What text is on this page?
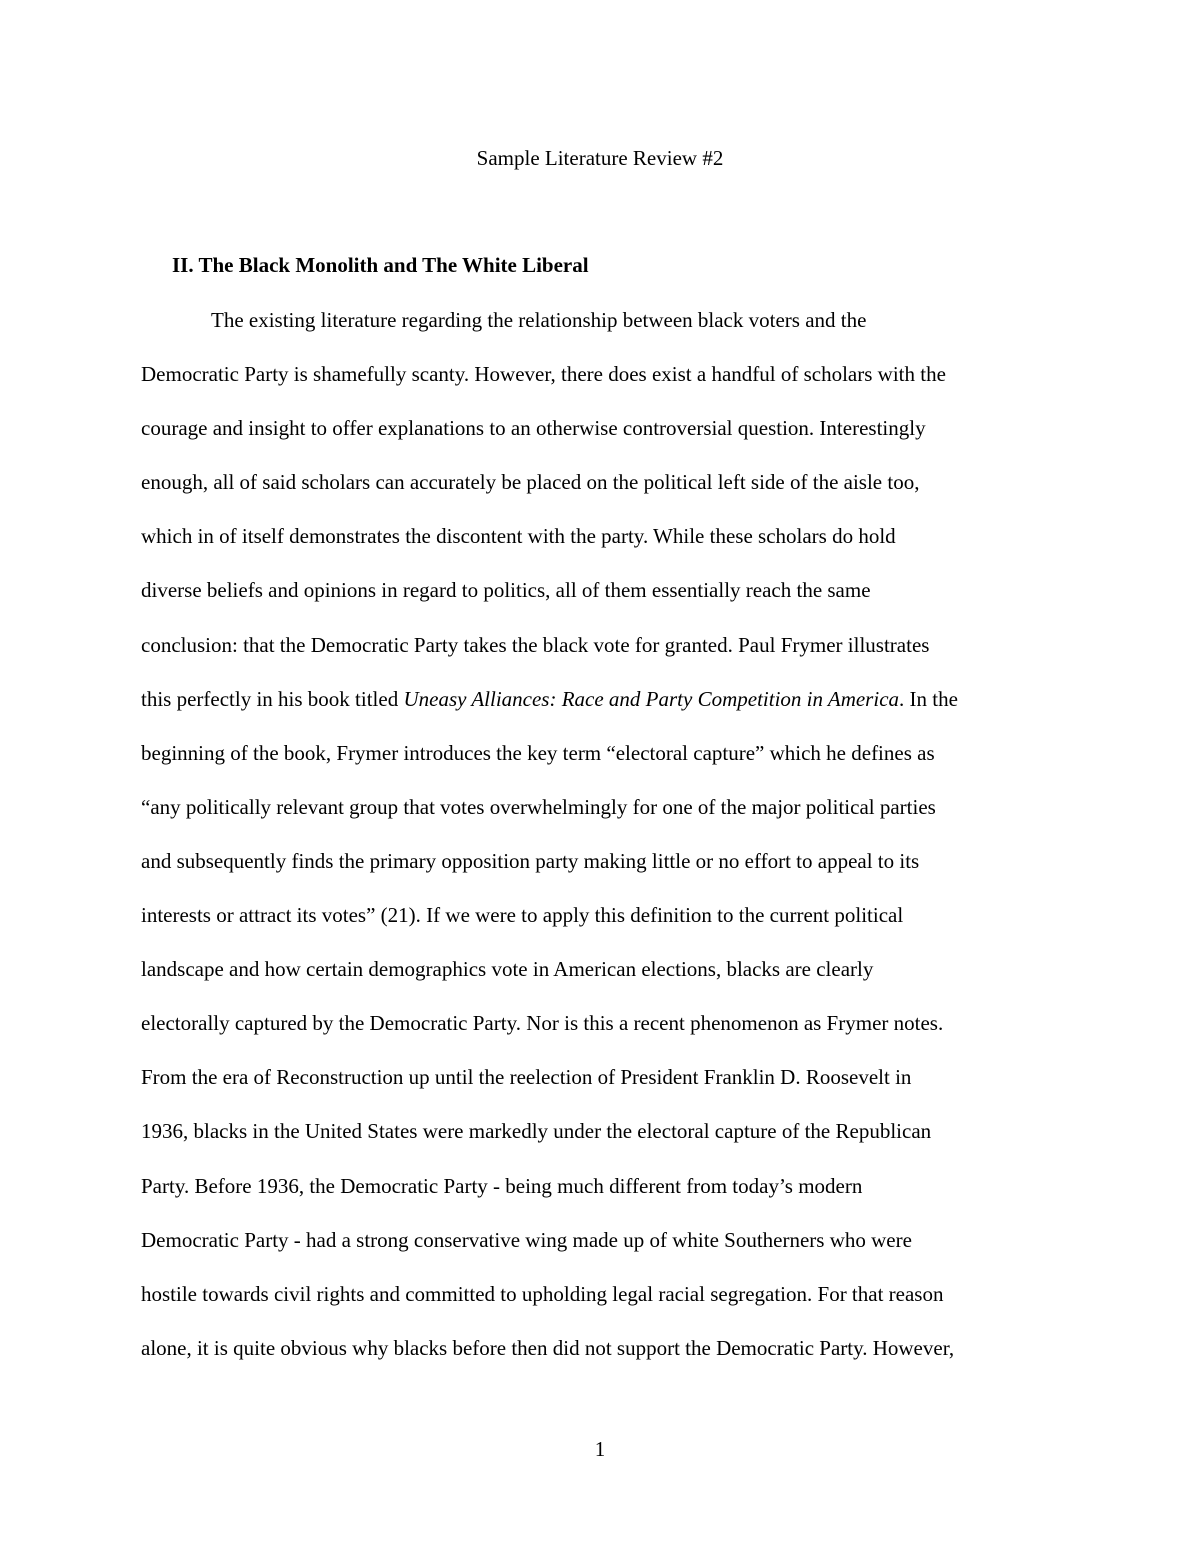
Sample Literature Review #2
II. The Black Monolith and The White Liberal
The existing literature regarding the relationship between black voters and the
Democratic Party is shamefully scanty. However, there does exist a handful of scholars with the
courage and insight to offer explanations to an otherwise controversial question. Interestingly
enough, all of said scholars can accurately be placed on the political left side of the aisle too,
which in of itself demonstrates the discontent with the party. While these scholars do hold
diverse beliefs and opinions in regard to politics, all of them essentially reach the same
conclusion: that the Democratic Party takes the black vote for granted. Paul Frymer illustrates
this perfectly in his book titled Uneasy Alliances: Race and Party Competition in America. In the
beginning of the book, Frymer introduces the key term “electoral capture” which he defines as
“any politically relevant group that votes overwhelmingly for one of the major political parties
and subsequently finds the primary opposition party making little or no effort to appeal to its
interests or attract its votes” (21). If we were to apply this definition to the current political
landscape and how certain demographics vote in American elections, blacks are clearly
electorally captured by the Democratic Party. Nor is this a recent phenomenon as Frymer notes.
From the era of Reconstruction up until the reelection of President Franklin D. Roosevelt in
1936, blacks in the United States were markedly under the electoral capture of the Republican
Party. Before 1936, the Democratic Party - being much different from today’s modern
Democratic Party - had a strong conservative wing made up of white Southerners who were
hostile towards civil rights and committed to upholding legal racial segregation. For that reason
alone, it is quite obvious why blacks before then did not support the Democratic Party. However,
1
